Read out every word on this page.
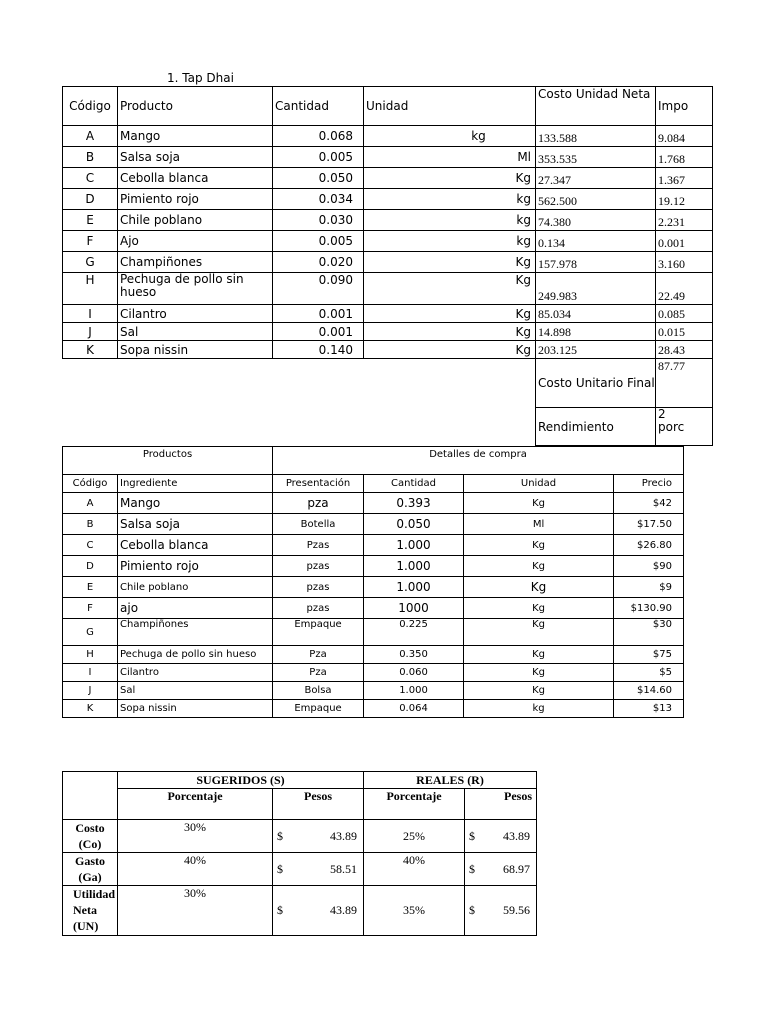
1. Tap Dhai
Código	Producto	Cantidad	Unidad	Costo Unidad Neta	Impo
A	Mango	0.068	kg	133.588	9.084
B	Salsa soja	0.005	Ml	353.535	1.768
C	Cebolla blanca	0.050	Kg	27.347	1.367
D	Pimiento rojo	0.034	kg	562.500	19.12
E	Chile poblano	0.030	kg	74.380	2.231
F	Ajo	0.005	kg	0.134	0.001
G	Champiñones	0.020	Kg	157.978	3.160
H	Pechuga de pollo sin hueso	0.090	Kg	249.983	22.49
I	Cilantro	0.001	Kg	85.034	0.085
J	Sal	0.001	Kg	14.898	0.015
K	Sopa nissin	0.140	Kg	203.125	28.43
				Costo Unitario Final	87.77
				Rendimiento	2 porc
Productos		Detalles de compra			
Código	Ingrediente	Presentación	Cantidad	Unidad	Precio
A	Mango	pza	0.393	Kg	$42
B	Salsa soja	Botella	0.050	Ml	$17.50
C	Cebolla blanca	Pzas	1.000	Kg	$26.80
D	Pimiento rojo	pzas	1.000	Kg	$90
E	Chile poblano	pzas	1.000	Kg	$9
F	ajo	pzas	1000	Kg	$130.90
G	Champiñones	Empaque	0.225	Kg	$30
H	Pechuga de pollo sin hueso	Pza	0.350	Kg	$75
I	Cilantro	Pza	0.060	Kg	$5
J	Sal	Bolsa	1.000	Kg	$14.60
K	Sopa nissin	Empaque	0.064	kg	$13
	SUGERIDOS (S)		REALES (R)	
	Porcentaje	Pesos	Porcentaje	Pesos
Costo (Co)	30%	$ 43.89	25%	$ 43.89

Gasto (Ga)	40%	$ 58.51	40%	$ 68.97

Utilidad Neta (UN)	30%	$ 43.89	35%	$ 59.56
